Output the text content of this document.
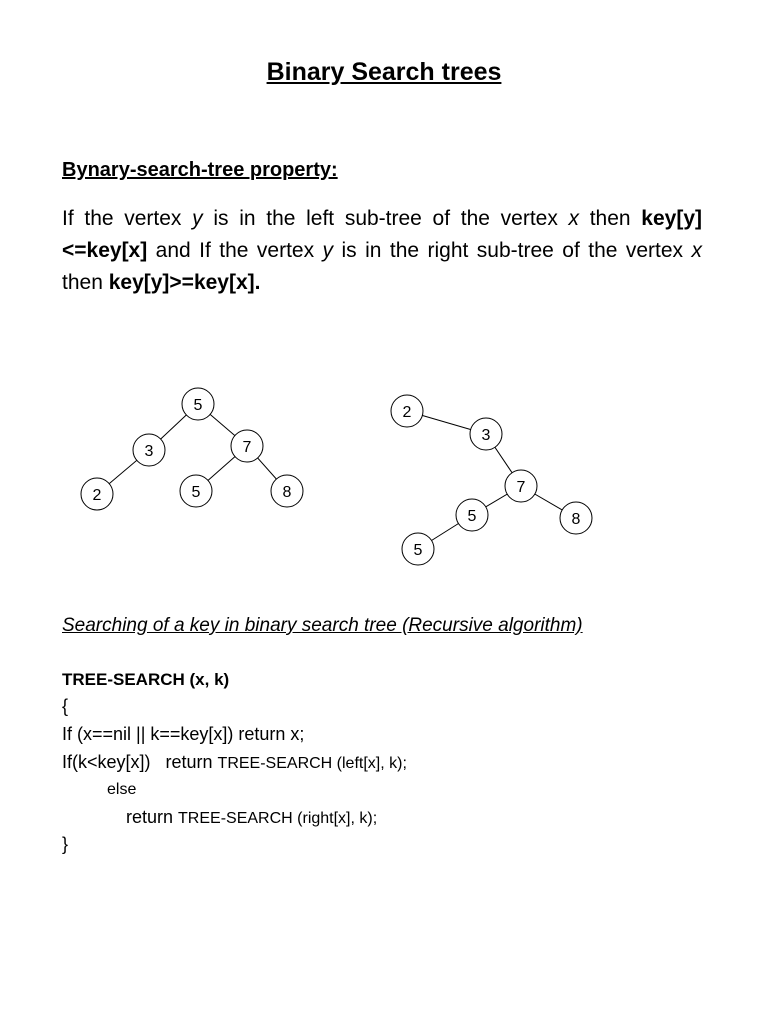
Binary Search trees
Bynary-search-tree property:
If the vertex y is in the left sub-tree of the vertex x then key[y]<=key[x] and If the vertex y is in the right sub-tree of the vertex x then key[y]>=key[x].
5
3	7
2	5	8
2
3
7
5	8
5
Searching of a key in binary search tree (Recursive algorithm)
TREE-SEARCH (x, k)
{
If (x==nil || k==key[x]) return x;
If(k<key[x])   return TREE-SEARCH (left[x], k);
else
return TREE-SEARCH (right[x], k);
}
